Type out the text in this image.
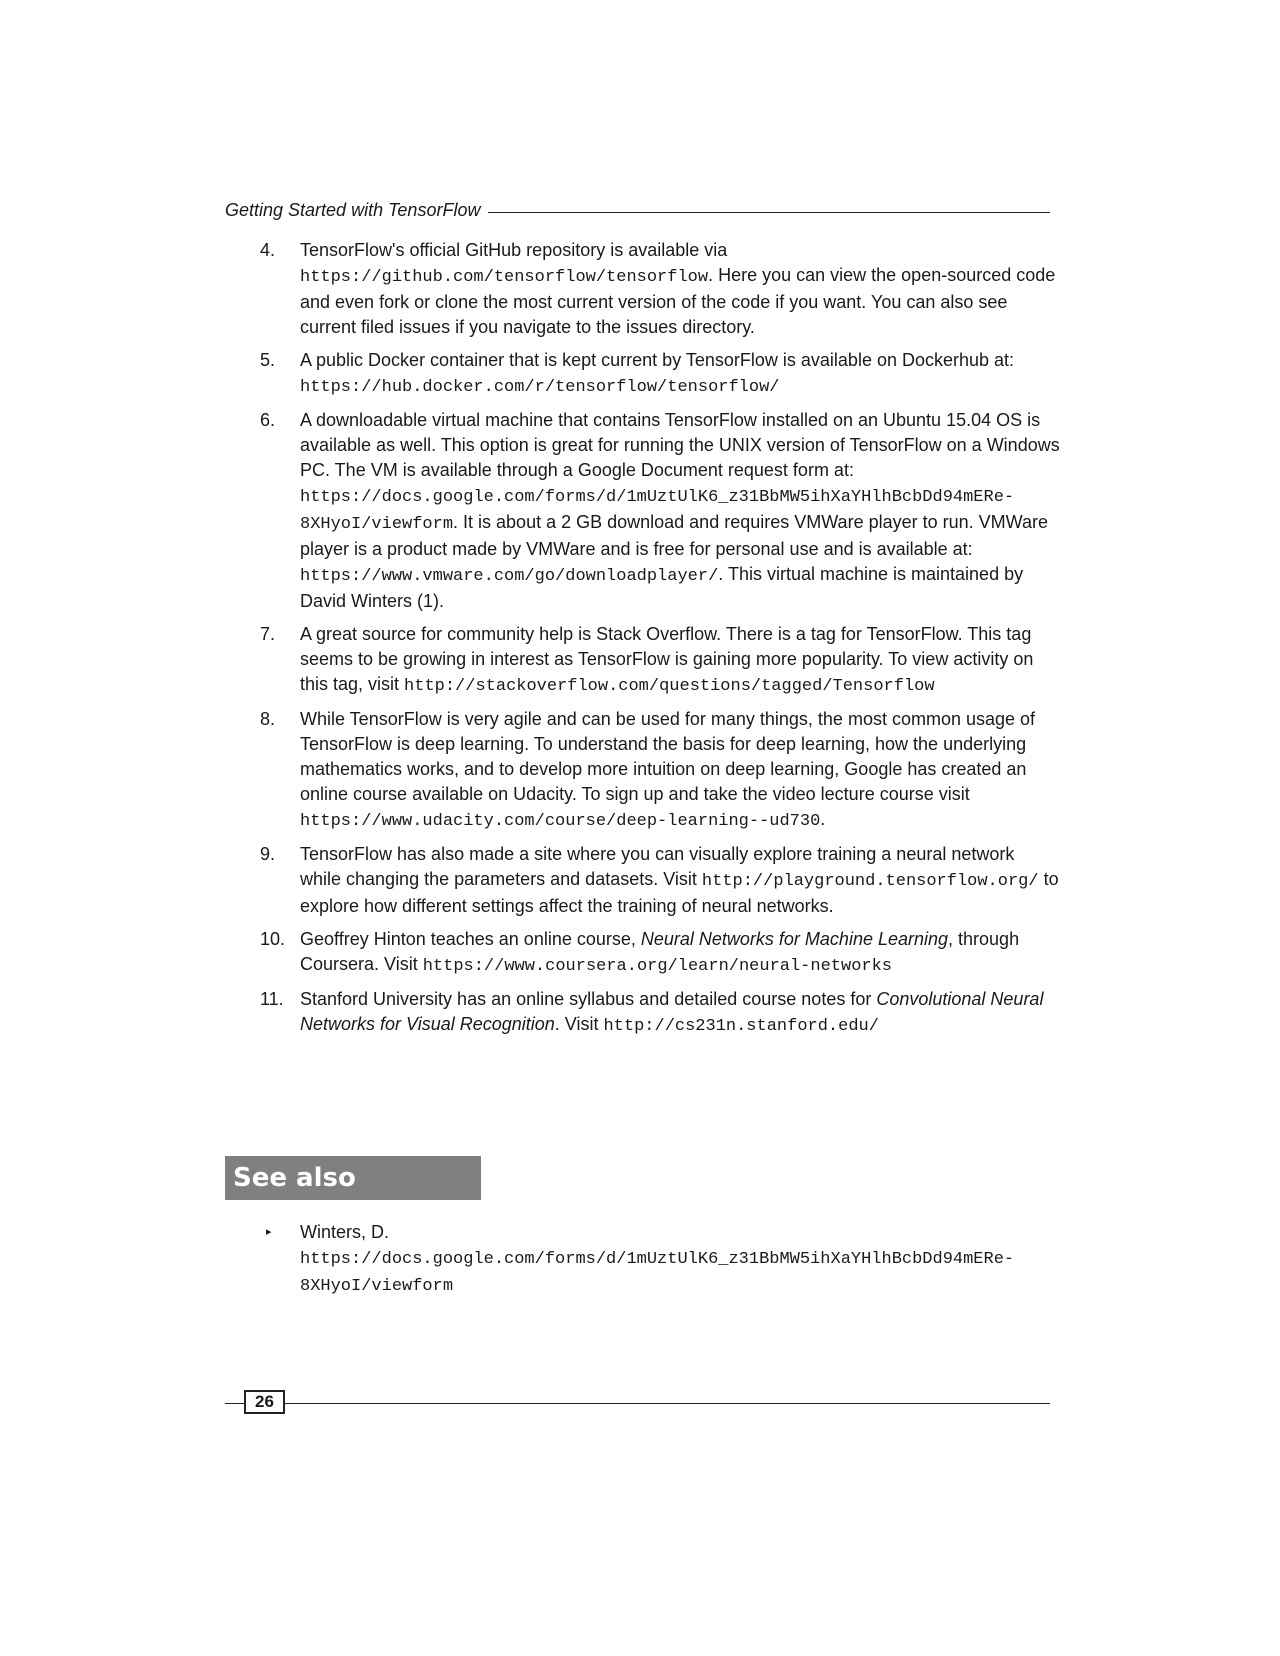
Getting Started with TensorFlow
4.	TensorFlow's official GitHub repository is available via https://github.com/tensorflow/tensorflow. Here you can view the open-sourced code and even fork or clone the most current version of the code if you want. You can also see current filed issues if you navigate to the issues directory.
5.	A public Docker container that is kept current by TensorFlow is available on Dockerhub at: https://hub.docker.com/r/tensorflow/tensorflow/
6.	A downloadable virtual machine that contains TensorFlow installed on an Ubuntu 15.04 OS is available as well. This option is great for running the UNIX version of TensorFlow on a Windows PC. The VM is available through a Google Document request form at: https://docs.google.com/forms/d/1mUztUlK6_z31BbMW5ihXaYHlhBcbDd94mERe-8XHyoI/viewform. It is about a 2 GB download and requires VMWare player to run. VMWare player is a product made by VMWare and is free for personal use and is available at: https://www.vmware.com/go/downloadplayer/. This virtual machine is maintained by David Winters (1).
7.	A great source for community help is Stack Overflow. There is a tag for TensorFlow. This tag seems to be growing in interest as TensorFlow is gaining more popularity. To view activity on this tag, visit http://stackoverflow.com/questions/tagged/Tensorflow
8.	While TensorFlow is very agile and can be used for many things, the most common usage of TensorFlow is deep learning. To understand the basis for deep learning, how the underlying mathematics works, and to develop more intuition on deep learning, Google has created an online course available on Udacity. To sign up and take the video lecture course visit https://www.udacity.com/course/deep-learning--ud730.
9.	TensorFlow has also made a site where you can visually explore training a neural network while changing the parameters and datasets. Visit http://playground.tensorflow.org/ to explore how different settings affect the training of neural networks.
10. Geoffrey Hinton teaches an online course, Neural Networks for Machine Learning, through Coursera. Visit https://www.coursera.org/learn/neural-networks
11. Stanford University has an online syllabus and detailed course notes for Convolutional Neural Networks for Visual Recognition. Visit http://cs231n.stanford.edu/
See also
▸ Winters, D. https://docs.google.com/forms/d/1mUztUlK6_z31BbMW5ihXaYHlhBcbDd94mERe-8XHyoI/viewform
26
